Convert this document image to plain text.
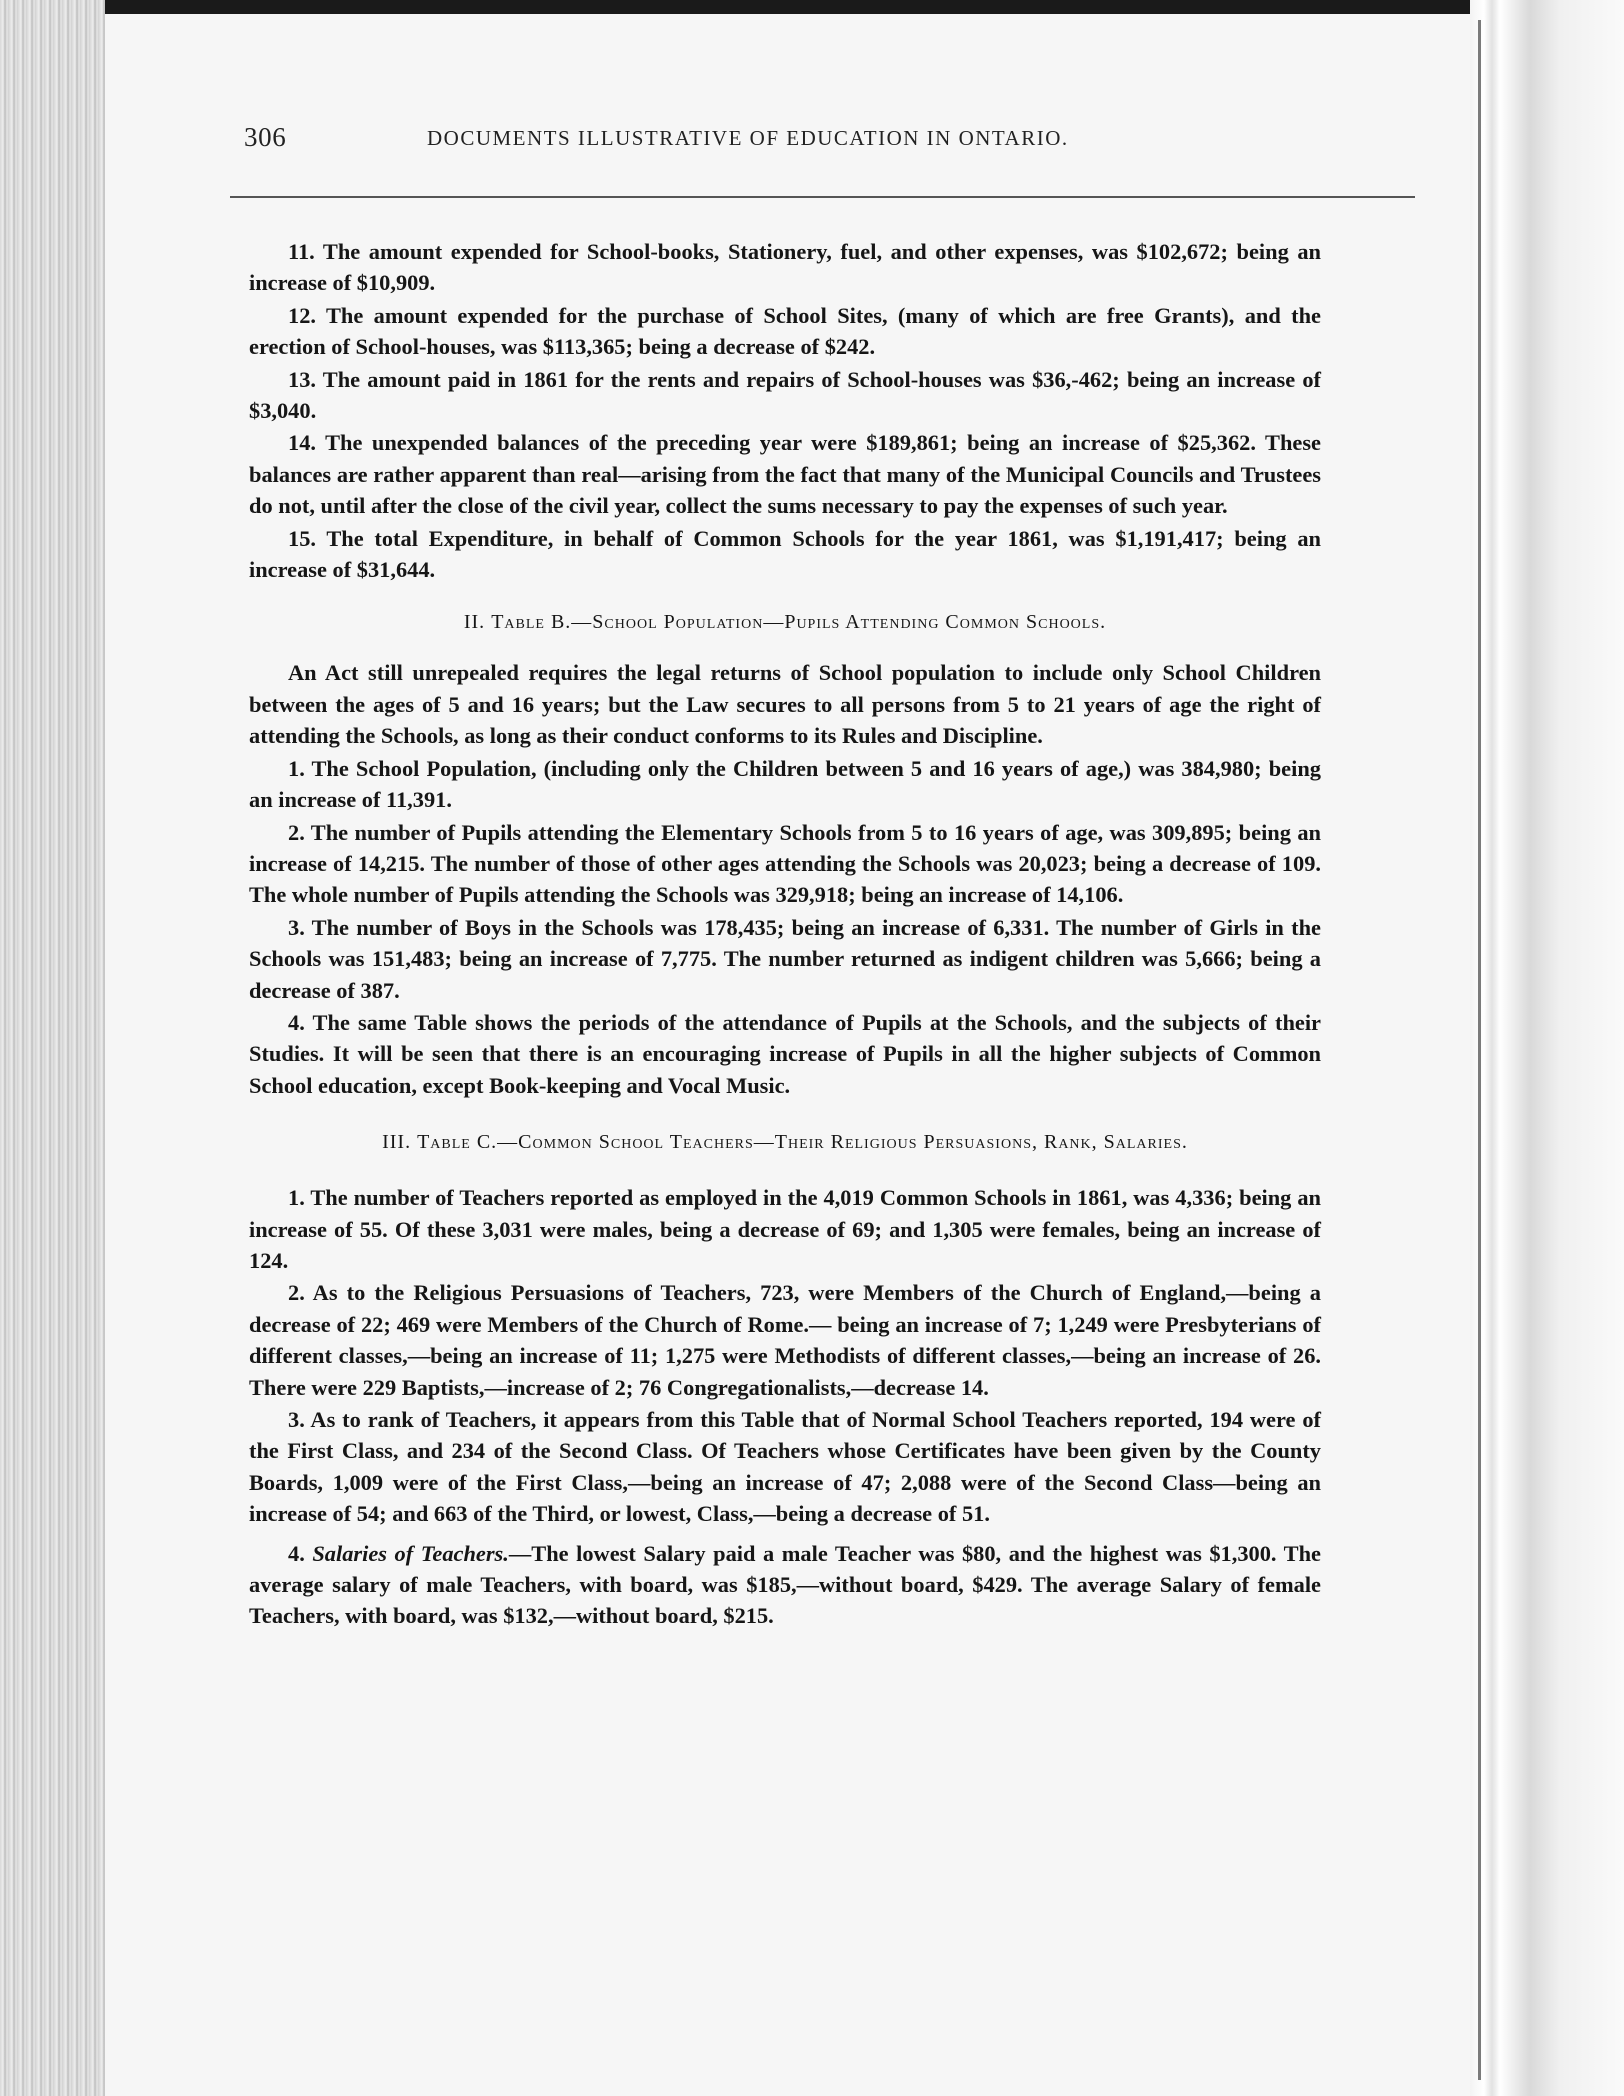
306	DOCUMENTS ILLUSTRATIVE OF EDUCATION IN ONTARIO.

11. The amount expended for School-books, Stationery, fuel, and other expenses, was $102,672; being an increase of $10,909.

12. The amount expended for the purchase of School Sites, (many of which are free Grants), and the erection of School-houses, was $113,365; being a decrease of $242.

13. The amount paid in 1861 for the rents and repairs of School-houses was $36,-462; being an increase of $3,040.

14. The unexpended balances of the preceding year were $189,861; being an increase of $25,362. These balances are rather apparent than real—arising from the fact that many of the Municipal Councils and Trustees do not, until after the close of the civil year, collect the sums necessary to pay the expenses of such year.

15. The total Expenditure, in behalf of Common Schools for the year 1861, was $1,191,417; being an increase of $31,644.

II. Table B.—School Population—Pupils Attending Common Schools.

An Act still unrepealed requires the legal returns of School population to include only School Children between the ages of 5 and 16 years; but the Law secures to all persons from 5 to 21 years of age the right of attending the Schools, as long as their conduct conforms to its Rules and Discipline.

1. The School Population, (including only the Children between 5 and 16 years of age,) was 384,980; being an increase of 11,391.

2. The number of Pupils attending the Elementary Schools from 5 to 16 years of age, was 309,895; being an increase of 14,215. The number of those of other ages attending the Schools was 20,023; being a decrease of 109. The whole number of Pupils attending the Schools was 329,918; being an increase of 14,106.

3. The number of Boys in the Schools was 178,435; being an increase of 6,331. The number of Girls in the Schools was 151,483; being an increase of 7,775. The number returned as indigent children was 5,666; being a decrease of 387.

4. The same Table shows the periods of the attendance of Pupils at the Schools, and the subjects of their Studies. It will be seen that there is an encouraging increase of Pupils in all the higher subjects of Common School education, except Book-keeping and Vocal Music.

III. Table C.—Common School Teachers—Their Religious Persuasions, Rank, Salaries.

1. The number of Teachers reported as employed in the 4,019 Common Schools in 1861, was 4,336; being an increase of 55. Of these 3,031 were males, being a decrease of 69; and 1,305 were females, being an increase of 124.

2. As to the Religious Persuasions of Teachers, 723, were Members of the Church of England,—being a decrease of 22; 469 were Members of the Church of Rome.— being an increase of 7; 1,249 were Presbyterians of different classes,—being an increase of 11; 1,275 were Methodists of different classes,—being an increase of 26. There were 229 Baptists,—increase of 2; 76 Congregationalists,—decrease 14.

3. As to rank of Teachers, it appears from this Table that of Normal School Teachers reported, 194 were of the First Class, and 234 of the Second Class. Of Teachers whose Certificates have been given by the County Boards, 1,009 were of the First Class,—being an increase of 47; 2,088 were of the Second Class—being an increase of 54; and 663 of the Third, or lowest, Class,—being a decrease of 51.

4. Salaries of Teachers.—The lowest Salary paid a male Teacher was $80, and the highest was $1,300. The average salary of male Teachers, with board, was $185,—without board, $429. The average Salary of female Teachers, with board, was $132,—without board, $215.
